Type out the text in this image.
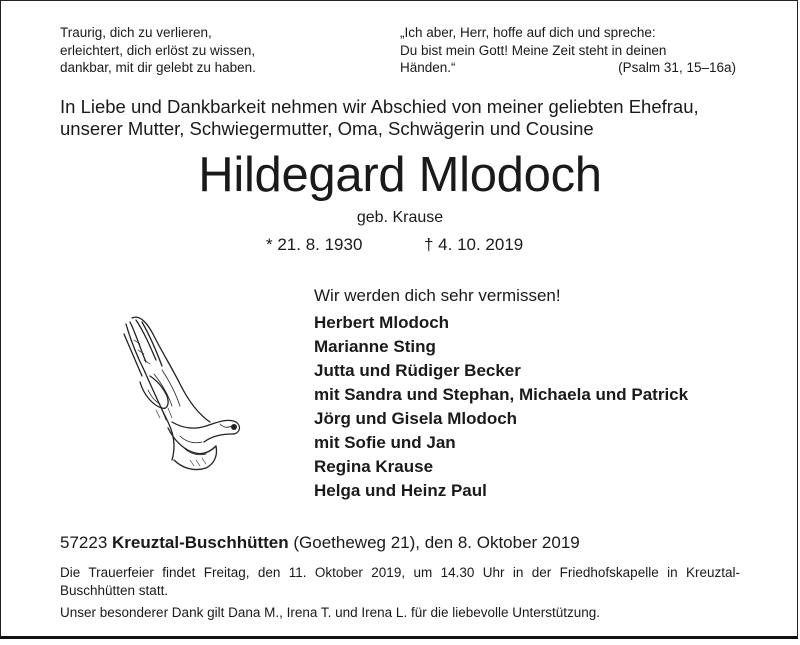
Traurig, dich zu verlieren,
erleichtert, dich erlöst zu wissen,
dankbar, mit dir gelebt zu haben.
„Ich aber, Herr, hoffe auf dich und spreche:
Du bist mein Gott! Meine Zeit steht in deinen
Händen.“	(Psalm 31, 15–16a)
In Liebe und Dankbarkeit nehmen wir Abschied von meiner geliebten Ehefrau,
unserer Mutter, Schwiegermutter, Oma, Schwägerin und Cousine
Hildegard Mlodoch
geb. Krause
* 21. 8. 1930	† 4. 10. 2019
Wir werden dich sehr vermissen!
Herbert Mlodoch
Marianne Sting
Jutta und Rüdiger Becker
mit Sandra und Stephan, Michaela und Patrick
Jörg und Gisela Mlodoch
mit Sofie und Jan
Regina Krause
Helga und Heinz Paul
57223 Kreuztal-Buschhütten (Goetheweg 21), den 8. Oktober 2019
Die Trauerfeier findet Freitag, den 11. Oktober 2019, um 14.30 Uhr in der Friedhofskapelle in Kreuztal-Buschhütten statt.
Unser besonderer Dank gilt Dana M., Irena T. und Irena L. für die liebevolle Unterstützung.
